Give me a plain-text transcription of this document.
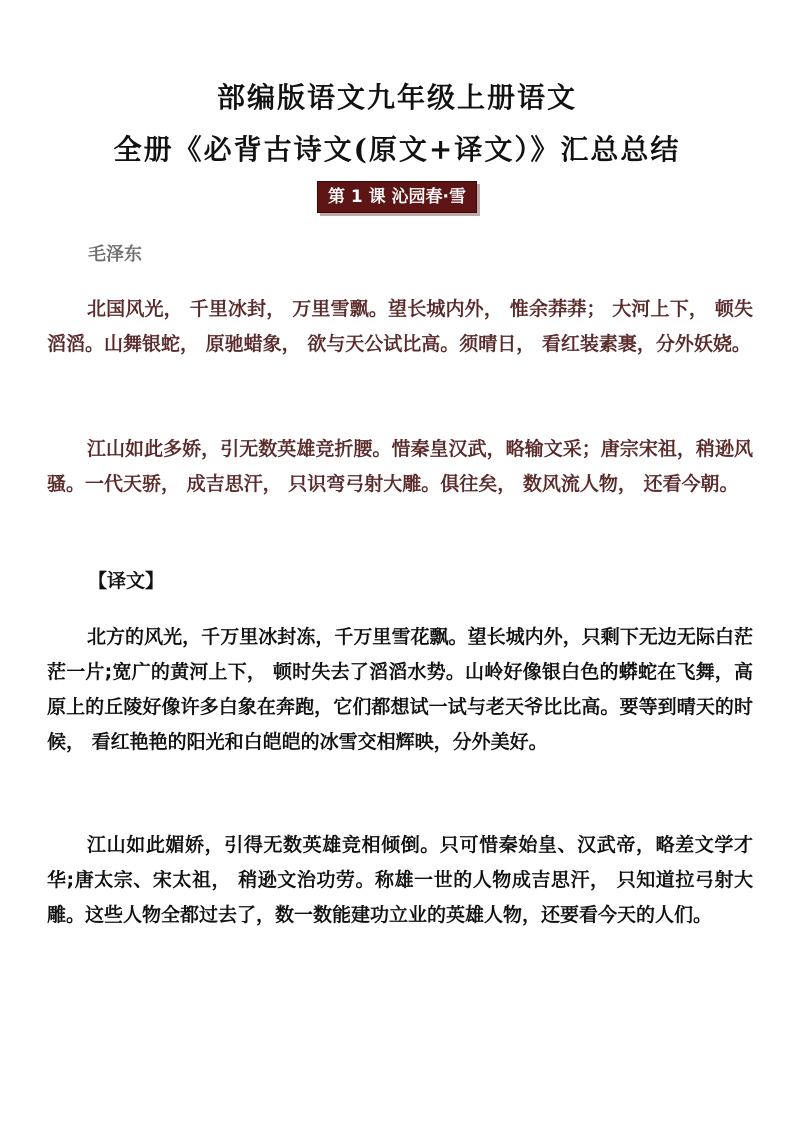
部编版语文九年级上册语文
全册《必背古诗文(原文+译文）》汇总总结
第 1 课 沁园春·雪
毛泽东

北国风光， 千里冰封， 万里雪飘。望长城内外， 惟余莽莽； 大河上下， 顿失滔滔。山舞银蛇， 原驰蜡象， 欲与天公试比高。须晴日， 看红装素裹，分外妖娆。

江山如此多娇，引无数英雄竞折腰。惜秦皇汉武，略输文采；唐宗宋祖，稍逊风骚。一代天骄， 成吉思汗， 只识弯弓射大雕。俱往矣， 数风流人物， 还看今朝。

【译文】

北方的风光，千万里冰封冻，千万里雪花飘。望长城内外，只剩下无边无际白茫茫一片;宽广的黄河上下， 顿时失去了滔滔水势。山岭好像银白色的蟒蛇在飞舞，高原上的丘陵好像许多白象在奔跑，它们都想试一试与老天爷比比高。要等到晴天的时候， 看红艳艳的阳光和白皑皑的冰雪交相辉映，分外美好。

江山如此媚娇，引得无数英雄竞相倾倒。只可惜秦始皇、汉武帝，略差文学才华;唐太宗、宋太祖， 稍逊文治功劳。称雄一世的人物成吉思汗， 只知道拉弓射大雕。这些人物全都过去了，数一数能建功立业的英雄人物，还要看今天的人们。
